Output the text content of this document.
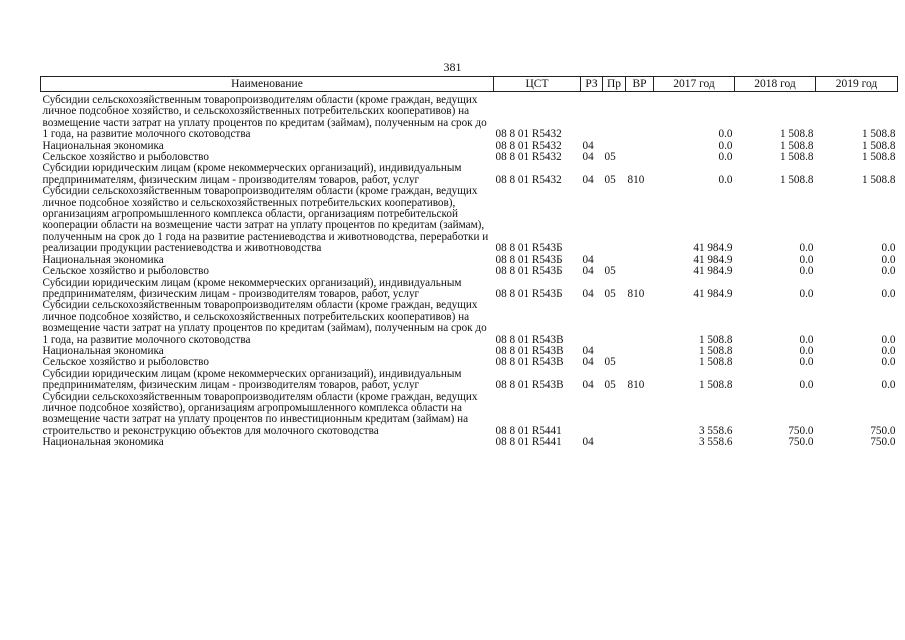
381
Наименование	ЦСТ	РЗ	Пр	ВР	2017 год	2018 год	2019 год
Субсидии сельскохозяйственным товаропроизводителям области (кроме граждан, ведущих личное подсобное хозяйство, и сельскохозяйственных потребительских кооперативов) на возмещение части затрат на уплату процентов по кредитам (займам), полученным на срок до 1 года, на развитие молочного скотоводства	08 8 01 R5432				0.0	1 508.8	1 508.8
Национальная экономика	08 8 01 R5432	04			0.0	1 508.8	1 508.8
Сельское хозяйство и рыболовство	08 8 01 R5432	04	05		0.0	1 508.8	1 508.8
Субсидии юридическим лицам (кроме некоммерческих организаций), индивидуальным предпринимателям, физическим лицам - производителям товаров, работ, услуг	08 8 01 R5432	04	05	810	0.0	1 508.8	1 508.8
Субсидии сельскохозяйственным товаропроизводителям области (кроме граждан, ведущих личное подсобное хозяйство и сельскохозяйственных потребительских кооперативов), организациям агропромышленного комплекса области, организациям потребительской кооперации области на возмещение части затрат на уплату процентов по кредитам (займам), полученным на срок до 1 года на развитие растениеводства и животноводства, переработки и реализации продукции растениеводства и животноводства	08 8 01 R543Б				41 984.9	0.0	0.0
Национальная экономика	08 8 01 R543Б	04			41 984.9	0.0	0.0
Сельское хозяйство и рыболовство	08 8 01 R543Б	04	05		41 984.9	0.0	0.0
Субсидии юридическим лицам (кроме некоммерческих организаций), индивидуальным предпринимателям, физическим лицам - производителям товаров, работ, услуг	08 8 01 R543Б	04	05	810	41 984.9	0.0	0.0
Субсидии сельскохозяйственным товаропроизводителям области (кроме граждан, ведущих личное подсобное хозяйство, и сельскохозяйственных потребительских кооперативов) на возмещение части затрат на уплату процентов по кредитам (займам), полученным на срок до 1 года, на развитие молочного скотоводства	08 8 01 R543В				1 508.8	0.0	0.0
Национальная экономика	08 8 01 R543В	04			1 508.8	0.0	0.0
Сельское хозяйство и рыболовство	08 8 01 R543В	04	05		1 508.8	0.0	0.0
Субсидии юридическим лицам (кроме некоммерческих организаций), индивидуальным предпринимателям, физическим лицам - производителям товаров, работ, услуг	08 8 01 R543В	04	05	810	1 508.8	0.0	0.0
Субсидии сельскохозяйственным товаропроизводителям области (кроме граждан, ведущих личное подсобное хозяйство), организациям агропромышленного комплекса области на возмещение части затрат на уплату процентов по инвестиционным кредитам (займам) на строительство и реконструкцию объектов для молочного скотоводства	08 8 01 R5441				3 558.6	750.0	750.0
Национальная экономика	08 8 01 R5441	04			3 558.6	750.0	750.0
